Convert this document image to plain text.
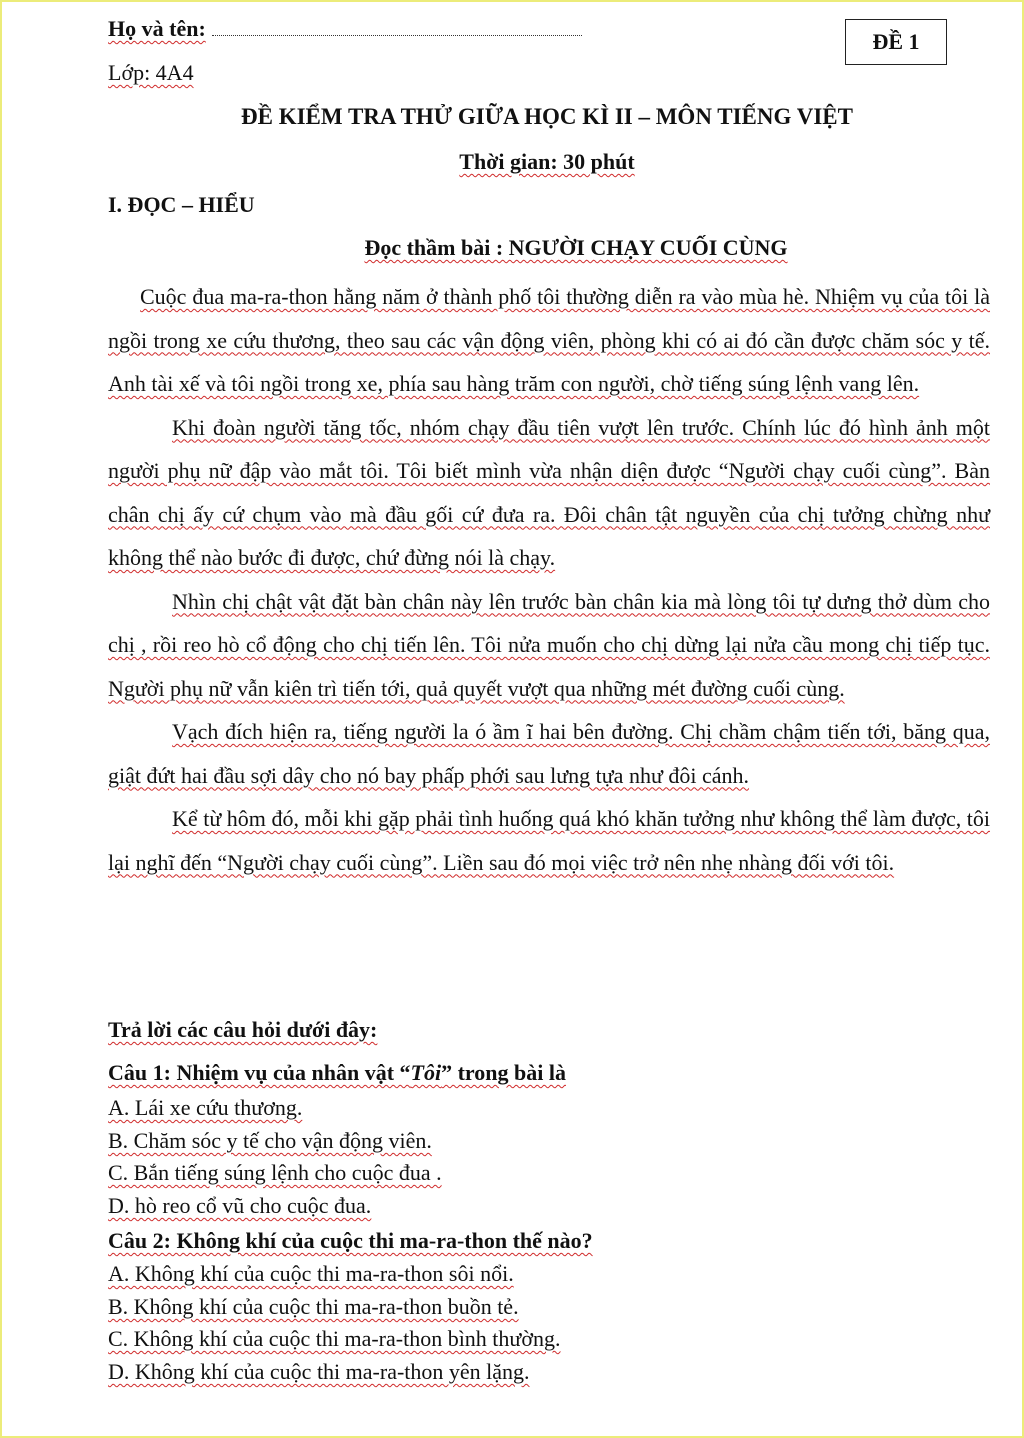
Họ và tên:
Lớp: 4A4
ĐỀ 1
ĐỀ KIỂM TRA THỬ GIỮA HỌC KÌ II – MÔN TIẾNG VIỆT
Thời gian: 30 phút
I. ĐỌC – HIỂU
Đọc thầm bài : NGƯỜI CHẠY CUỐI CÙNG

Cuộc đua ma-ra-thon hằng năm ở thành phố tôi thường diễn ra vào mùa hè. Nhiệm vụ của tôi là ngồi trong xe cứu thương, theo sau các vận động viên, phòng khi có ai đó cần được chăm sóc y tế. Anh tài xế và tôi ngồi trong xe, phía sau hàng trăm con người, chờ tiếng súng lệnh vang lên.

Khi đoàn người tăng tốc, nhóm chạy đầu tiên vượt lên trước. Chính lúc đó hình ảnh một người phụ nữ đập vào mắt tôi. Tôi biết mình vừa nhận diện được “Người chạy cuối cùng”. Bàn chân chị ấy cứ chụm vào mà đầu gối cứ đưa ra. Đôi chân tật nguyền của chị tưởng chừng như không thể nào bước đi được, chứ đừng nói là chạy.

Nhìn chị chật vật đặt bàn chân này lên trước bàn chân kia mà lòng tôi tự dưng thở dùm cho chị , rồi reo hò cổ động cho chị tiến lên. Tôi nửa muốn cho chị dừng lại nửa cầu mong chị tiếp tục. Người phụ nữ vẫn kiên trì tiến tới, quả quyết vượt qua những mét đường cuối cùng.

Vạch đích hiện ra, tiếng người la ó ầm ĩ hai bên đường. Chị chầm chậm tiến tới, băng qua, giật đứt hai đầu sợi dây cho nó bay phấp phới sau lưng tựa như đôi cánh.

Kể từ hôm đó, mỗi khi gặp phải tình huống quá khó khăn tưởng như không thể làm được, tôi lại nghĩ đến “Người chạy cuối cùng”. Liền sau đó mọi việc trở nên nhẹ nhàng đối với tôi.

Trả lời các câu hỏi dưới đây:
Câu 1: Nhiệm vụ của nhân vật “Tôi” trong bài là
A. Lái xe cứu thương.
B. Chăm sóc y tế cho vận động viên.
C. Bắn tiếng súng lệnh cho cuộc đua .
D. hò reo cổ vũ cho cuộc đua.
Câu 2: Không khí của cuộc thi ma-ra-thon thế nào?
A. Không khí của cuộc thi ma-ra-thon sôi nổi.
B. Không khí của cuộc thi ma-ra-thon buồn tẻ.
C. Không khí của cuộc thi ma-ra-thon bình thường.
D. Không khí của cuộc thi ma-ra-thon yên lặng.
